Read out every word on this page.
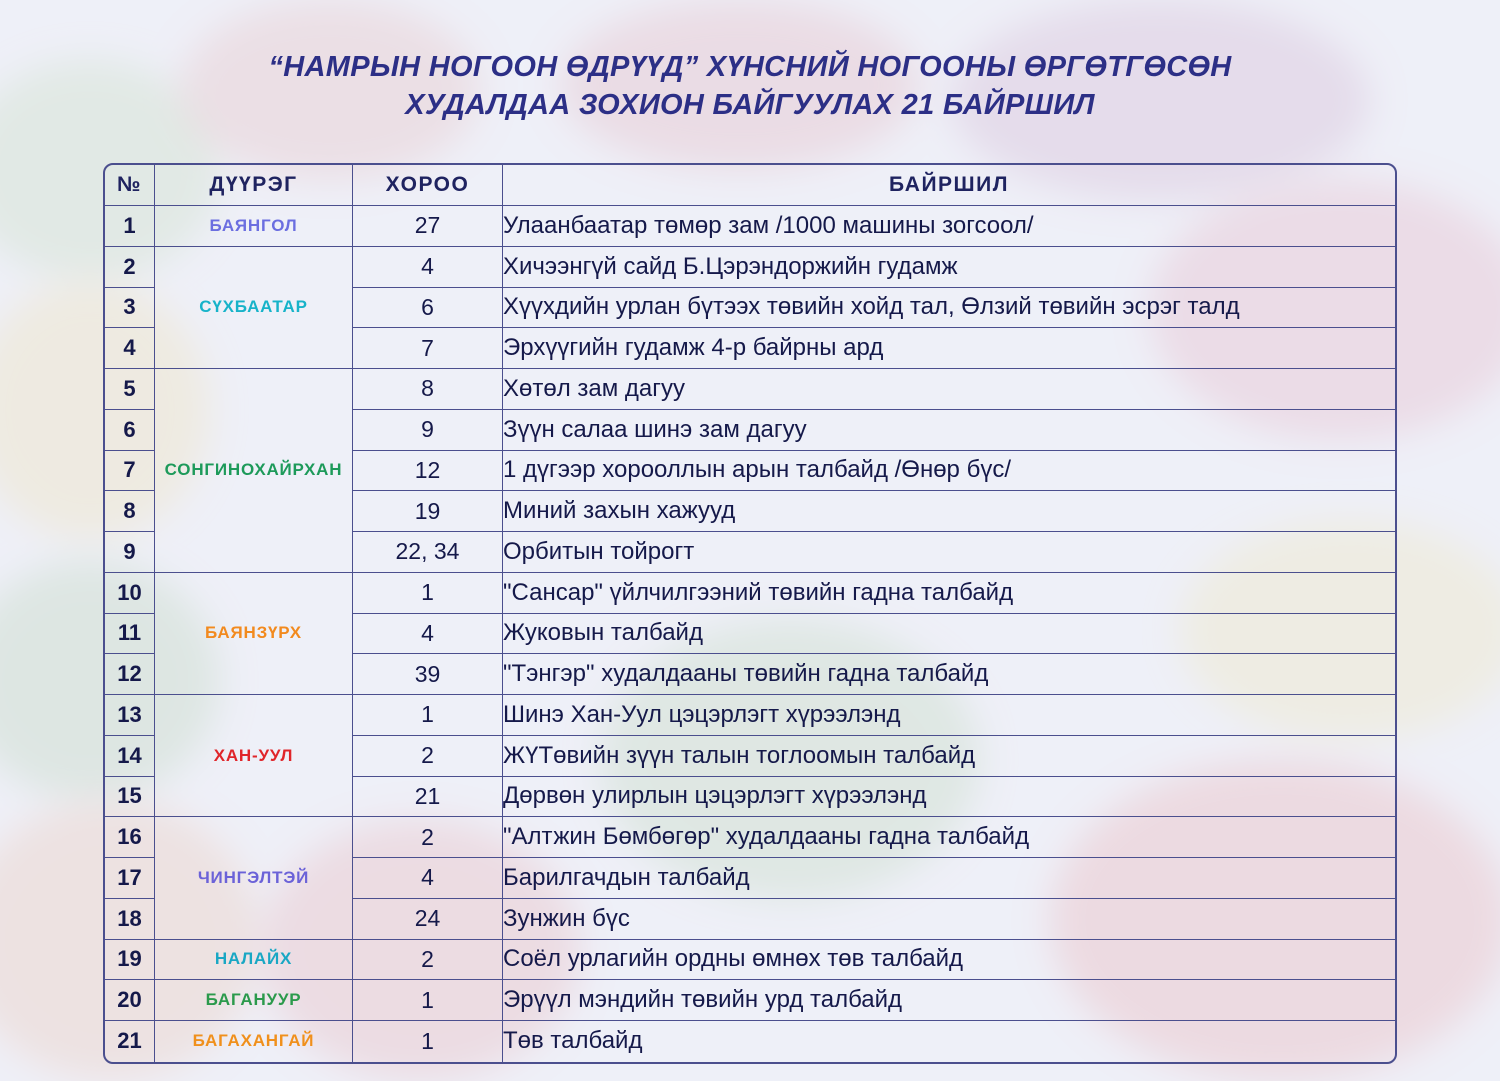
“НАМРЫН НОГООН ӨДРҮҮД” ХҮНСНИЙ НОГООНЫ ӨРГӨТГӨСӨН
ХУДАЛДАА ЗОХИОН БАЙГУУЛАХ 21 БАЙРШИЛ
№	ДҮҮРЭГ	ХОРОО	БАЙРШИЛ
1	БАЯНГОЛ	27	Улаанбаатар төмөр зам /1000 машины зогсоол/
2	СҮХБААТАР	4	Хичээнгүй сайд Б.Цэрэндоржийн гудамж
3		6	Хүүхдийн урлан бүтээх төвийн хойд тал, Өлзий төвийн эсрэг талд
4		7	Эрхүүгийн гудамж 4-р байрны ард
5	СОНГИНОХАЙРХАН	8	Хөтөл зам дагуу
6		9	Зүүн салаа шинэ зам дагуу
7		12	1 дүгээр хорооллын арын талбайд /Өнөр бүс/
8		19	Миний захын хажууд
9		22, 34	Орбитын тойрогт
10	БАЯНЗҮРХ	1	"Сансар" үйлчилгээний төвийн гадна талбайд
11		4	Жуковын талбайд
12		39	"Тэнгэр" худалдааны төвийн гадна талбайд
13	ХАН-УУЛ	1	Шинэ Хан-Уул цэцэрлэгт хүрээлэнд
14		2	ЖҮТөвийн зүүн талын тоглоомын талбайд
15		21	Дөрвөн улирлын цэцэрлэгт хүрээлэнд
16	ЧИНГЭЛТЭЙ	2	"Алтжин Бөмбөгөр" худалдааны гадна талбайд
17		4	Барилгачдын талбайд
18		24	Зунжин бүс
19	НАЛАЙХ	2	Соёл урлагийн ордны өмнөх төв талбайд
20	БАГАНУУР	1	Эрүүл мэндийн төвийн урд талбайд
21	БАГАХАНГАЙ	1	Төв талбайд
